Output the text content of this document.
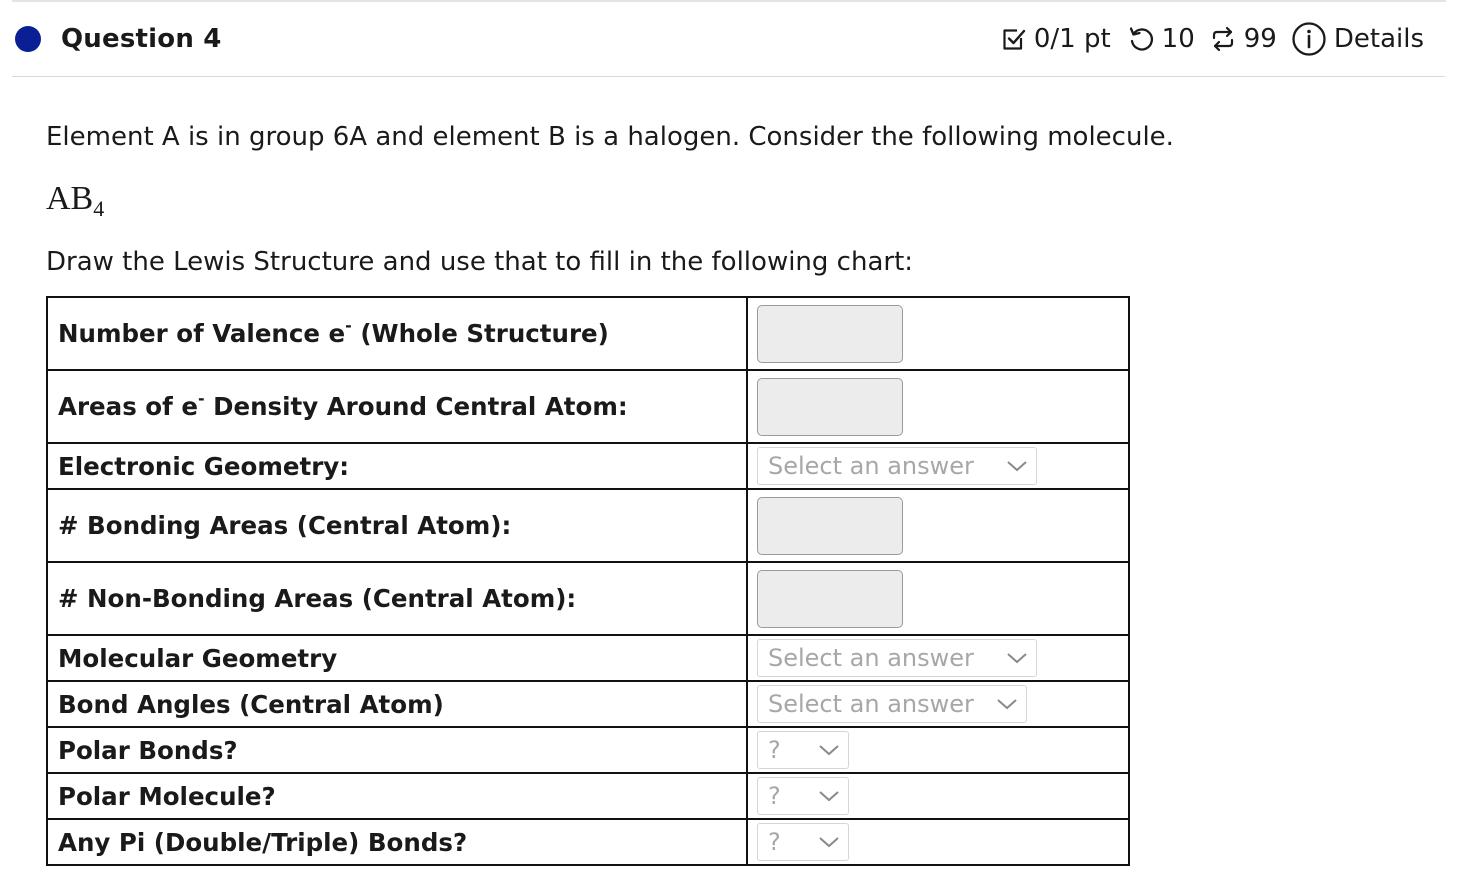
Question 4	0/1 pt 10 99 Details
Element A is in group 6A and element B is a halogen. Consider the following molecule.
$AB_4$
Draw the Lewis Structure and use that to fill in the following chart:
Number of Valence e- (Whole Structure)	

Areas of e- Density Around Central Atom:	

Electronic Geometry:	Select an answer

# Bonding Areas (Central Atom):	

# Non-Bonding Areas (Central Atom):	

Molecular Geometry	Select an answer

Bond Angles (Central Atom)	Select an answer

Polar Bonds?	?

Polar Molecule?	?

Any Pi (Double/Triple) Bonds?	?
